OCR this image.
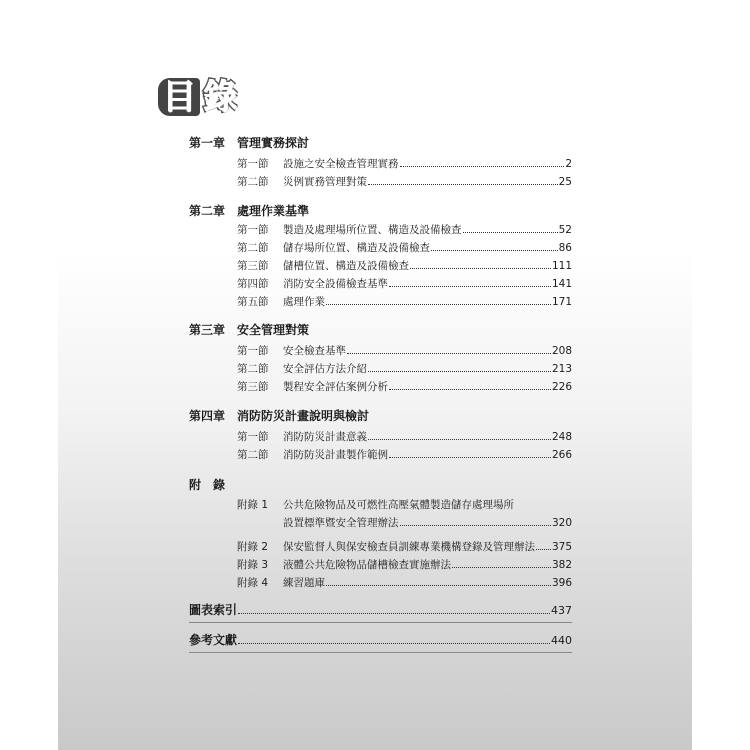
目 錄
第一章 管理實務探討
第一節	設施之安全檢查管理實務	2
第二節	災例實務管理對策	25
第二章 處理作業基準
第一節	製造及處理場所位置、構造及設備檢查	52
第二節	儲存場所位置、構造及設備檢查	86
第三節	儲槽位置、構造及設備檢查	111
第四節	消防安全設備檢查基準	141
第五節	處理作業	171
第三章 安全管理對策
第一節	安全檢查基準	208
第二節	安全評估方法介紹	213
第三節	製程安全評估案例分析	226
第四章 消防防災計畫說明與檢討
第一節	消防防災計畫意義	248
第二節	消防防災計畫製作範例	266
附錄
附錄 1	公共危險物品及可燃性高壓氣體製造儲存處理場所
設置標準暨安全管理辦法	320
附錄 2	保安監督人與保安檢查員訓練專業機構登錄及管理辦法 375
附錄 3	液體公共危險物品儲槽檢查實施辦法	382
附錄 4	練習題庫	396
圖表索引	437
參考文獻	440
